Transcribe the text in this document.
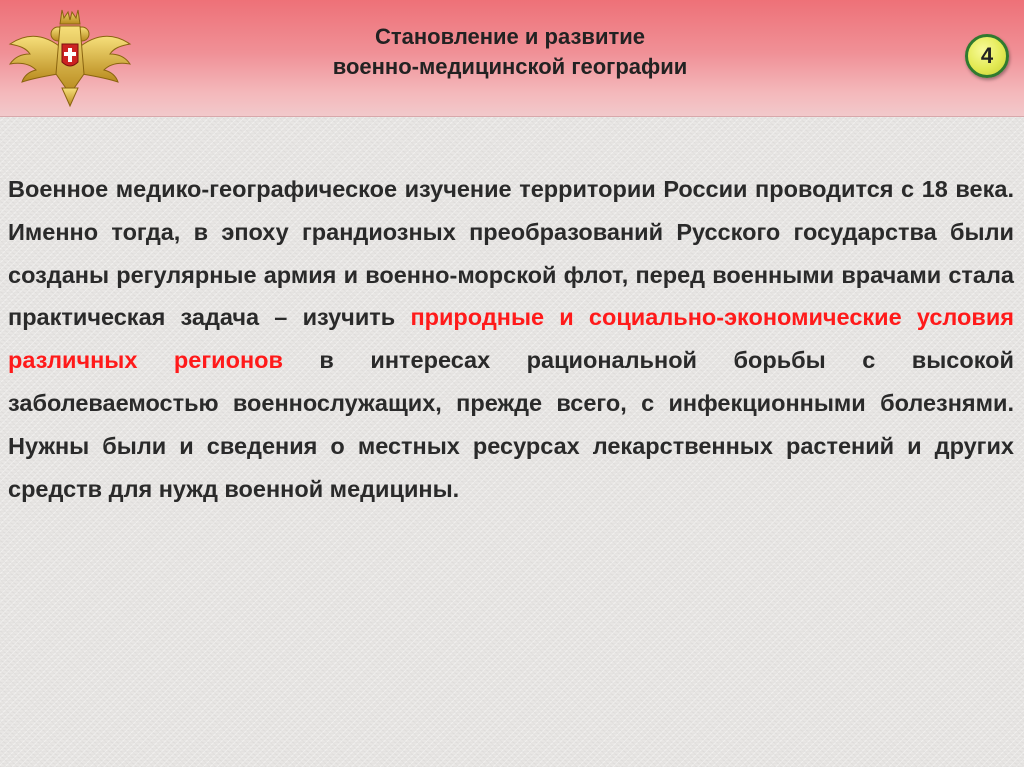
Становление и развитие
военно-медицинской географии	4
Военное медико-географическое изучение территории России проводится с 18 века. Именно тогда, в эпоху грандиозных преобразований Русского государства были созданы регулярные армия и военно-морской флот, перед военными врачами стала практическая задача – изучить природные и социально-экономические условия различных регионов в интересах рациональной борьбы с высокой заболеваемостью военнослужащих, прежде всего, с инфекционными болезнями. Нужны были и сведения о местных ресурсах лекарственных растений и других средств для нужд военной медицины.
